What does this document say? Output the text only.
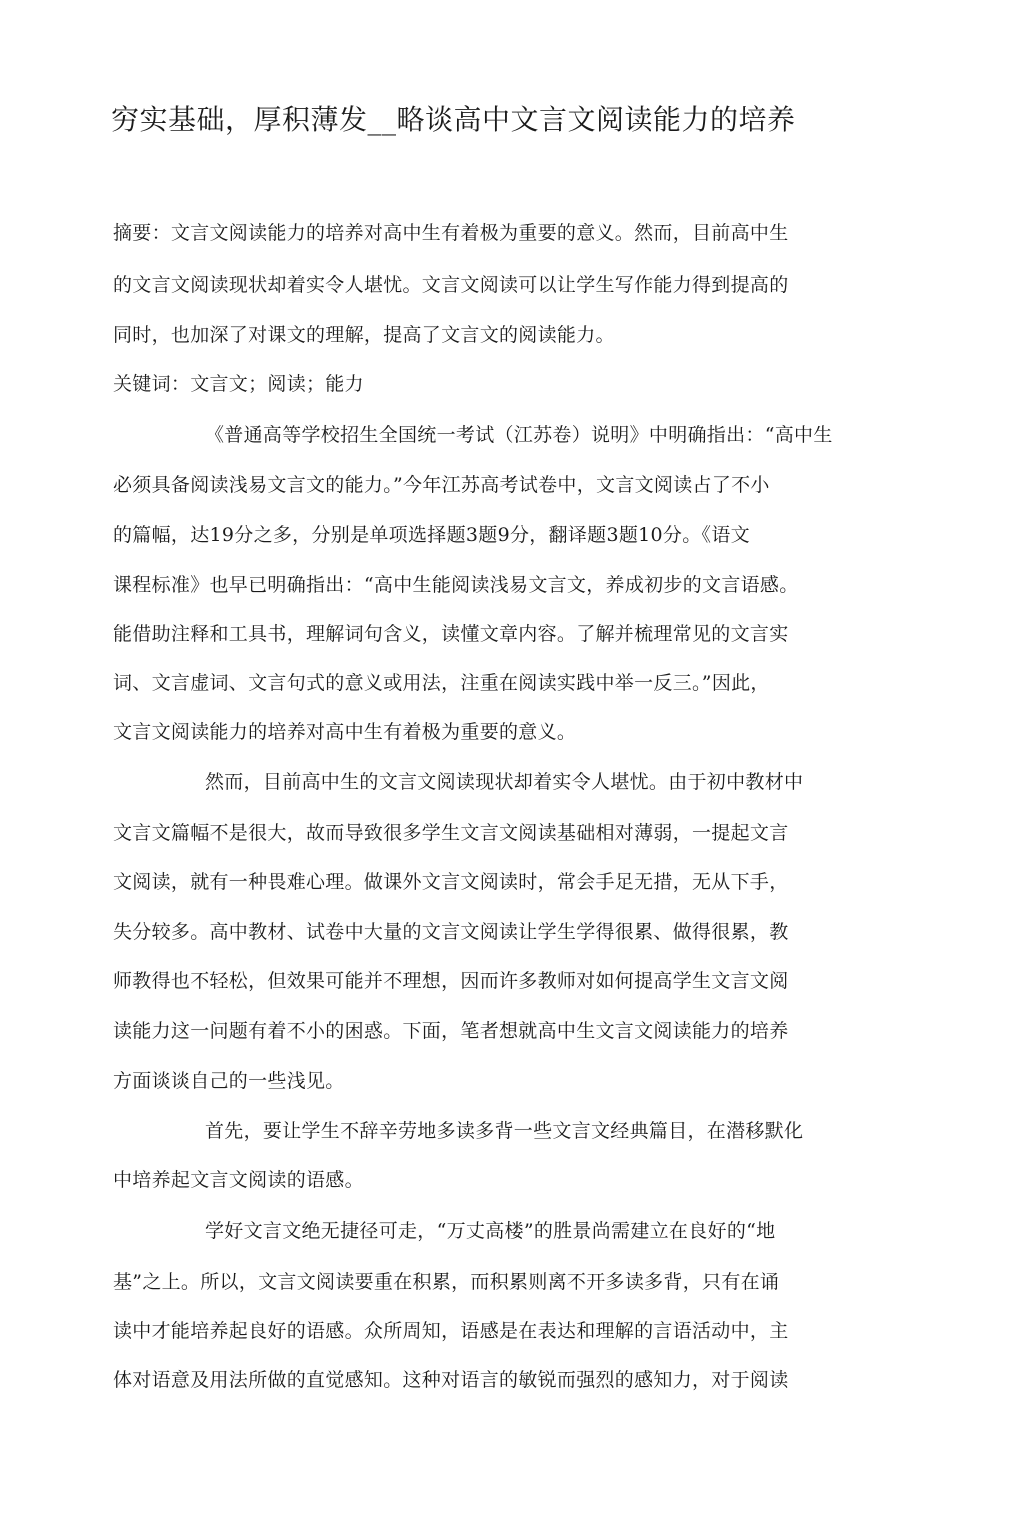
穷实基础，厚积薄发__略谈高中文言文阅读能力的培养
摘要：文言文阅读能力的培养对高中生有着极为重要的意义。然而，目前高中生
的文言文阅读现状却着实令人堪忧。文言文阅读可以让学生写作能力得到提高的
同时，也加深了对课文的理解，提高了文言文的阅读能力。
关键词：文言文；阅读；能力
《普通高等学校招生全国统一考试（江苏卷）说明》中明确指出：“高中生
必须具备阅读浅易文言文的能力。”今年江苏高考试卷中，文言文阅读占了不小
的篇幅，达19分之多，分别是单项选择题3题9分，翻译题3题10分。《语文
课程标准》也早已明确指出：“高中生能阅读浅易文言文，养成初步的文言语感。
能借助注释和工具书，理解词句含义，读懂文章内容。了解并梳理常见的文言实
词、文言虚词、文言句式的意义或用法，注重在阅读实践中举一反三。”因此，
文言文阅读能力的培养对高中生有着极为重要的意义。
然而，目前高中生的文言文阅读现状却着实令人堪忧。由于初中教材中
文言文篇幅不是很大，故而导致很多学生文言文阅读基础相对薄弱，一提起文言
文阅读，就有一种畏难心理。做课外文言文阅读时，常会手足无措，无从下手，
失分较多。高中教材、试卷中大量的文言文阅读让学生学得很累、做得很累，教
师教得也不轻松，但效果可能并不理想，因而许多教师对如何提高学生文言文阅
读能力这一问题有着不小的困惑。下面，笔者想就高中生文言文阅读能力的培养
方面谈谈自己的一些浅见。
首先，要让学生不辞辛劳地多读多背一些文言文经典篇目，在潜移默化
中培养起文言文阅读的语感。
学好文言文绝无捷径可走，“万丈高楼”的胜景尚需建立在良好的“地
基”之上。所以，文言文阅读要重在积累，而积累则离不开多读多背，只有在诵
读中才能培养起良好的语感。众所周知，语感是在表达和理解的言语活动中，主
体对语意及用法所做的直觉感知。这种对语言的敏锐而强烈的感知力，对于阅读
